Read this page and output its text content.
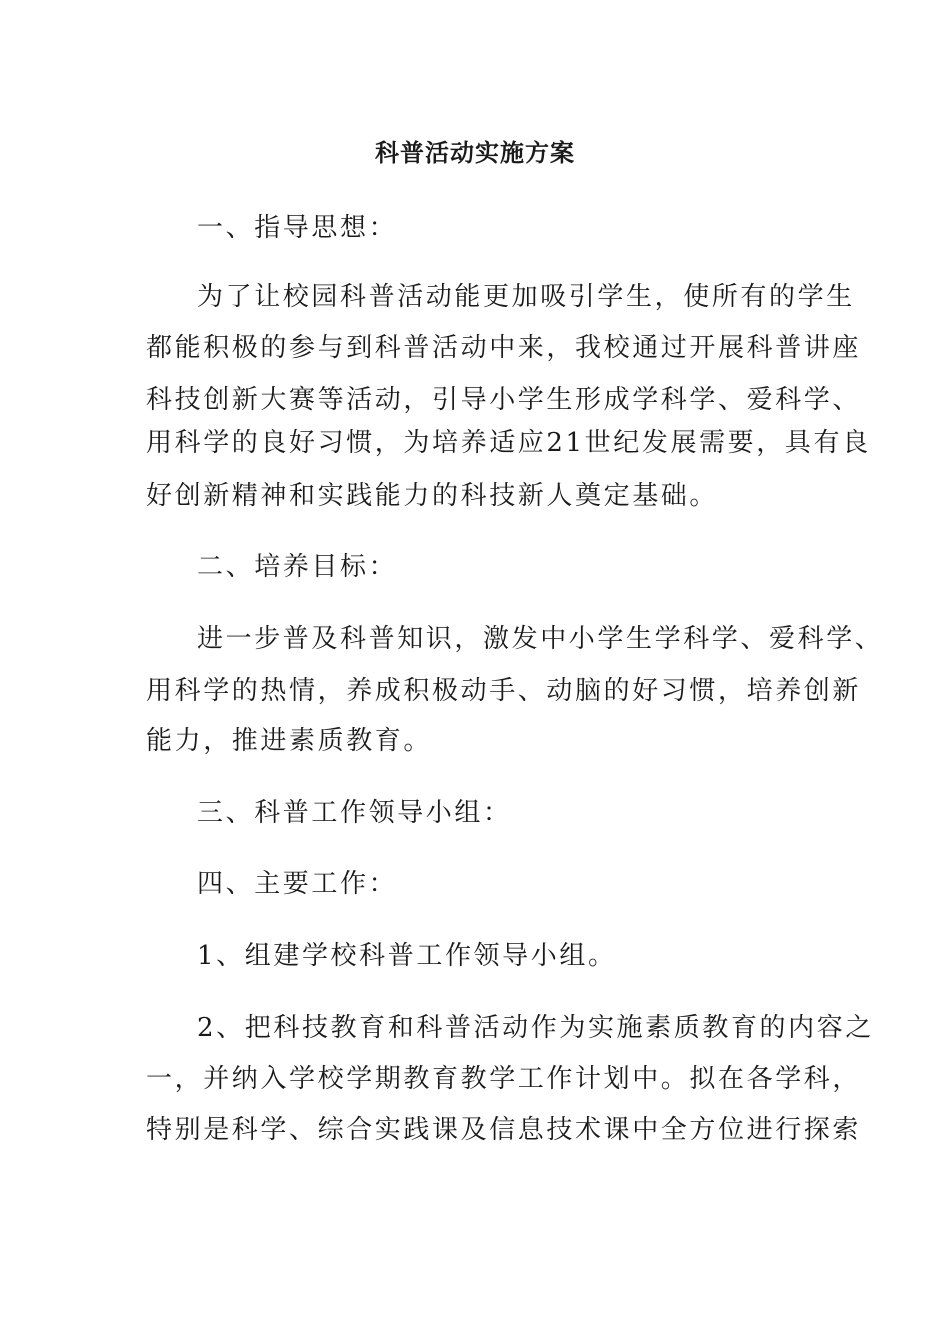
科普活动实施方案
一、指导思想：
为了让校园科普活动能更加吸引学生，使所有的学生
都能积极的参与到科普活动中来，我校通过开展科普讲座
科技创新大赛等活动，引导小学生形成学科学、爱科学、
用科学的良好习惯，为培养适应21世纪发展需要，具有良
好创新精神和实践能力的科技新人奠定基础。
二、培养目标：
进一步普及科普知识，激发中小学生学科学、爱科学、
用科学的热情，养成积极动手、动脑的好习惯，培养创新
能力，推进素质教育。
三、科普工作领导小组：
四、主要工作：
1、组建学校科普工作领导小组。
2、把科技教育和科普活动作为实施素质教育的内容之
一，并纳入学校学期教育教学工作计划中。拟在各学科，
特别是科学、综合实践课及信息技术课中全方位进行探索
